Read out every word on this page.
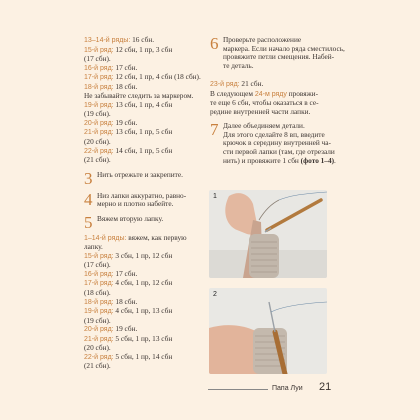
13–14-й ряды: 16 сбн.
15-й ряд: 12 сбн, 1 пр, 3 сбн
(17 сбн).
16-й ряд: 17 сбн.
17-й ряд: 12 сбн, 1 пр, 4 сбн (18 сбн).
18-й ряд: 18 сбн.
Не забывайте следить за маркером.
19-й ряд: 13 сбн, 1 пр, 4 сбн
(19 сбн).
20-й ряд: 19 сбн.
21-й ряд: 13 сбн, 1 пр, 5 сбн
(20 сбн).
22-й ряд: 14 сбн, 1 пр, 5 сбн
(21 сбн).
3 Нить отрежьте и закрепите.
4 Низ лапки аккуратно, равно-
мерно и плотно набейте.
5 Вяжем вторую лапку.
1–14-й ряды: вяжем, как первую
лапку.
15-й ряд: 3 сбн, 1 пр, 12 сбн
(17 сбн).
16-й ряд: 17 сбн.
17-й ряд: 4 сбн, 1 пр, 12 сбн
(18 сбн).
18-й ряд: 18 сбн.
19-й ряд: 4 сбн, 1 пр, 13 сбн
(19 сбн).
20-й ряд: 19 сбн.
21-й ряд: 5 сбн, 1 пр, 13 сбн
(20 сбн).
22-й ряд: 5 сбн, 1 пр, 14 сбн
(21 сбн).
6 Проверьте расположение
маркера. Если начало ряда сместилось,
провяжите петли смещения. Набей-
те деталь.
23-й ряд: 21 сбн.
В следующем 24-м ряду провяжи-
те еще 6 сбн, чтобы оказаться в се-
редине внутренней части лапки.
7 Далее объединяем детали.
Для этого сделайте 8 вп, введите
крючок в середину внутренней ча-
сти первой лапки (там, где отрезали
нить) и провяжите 1 сбн (фото 1–4).
1
2
Папа Луи 21
